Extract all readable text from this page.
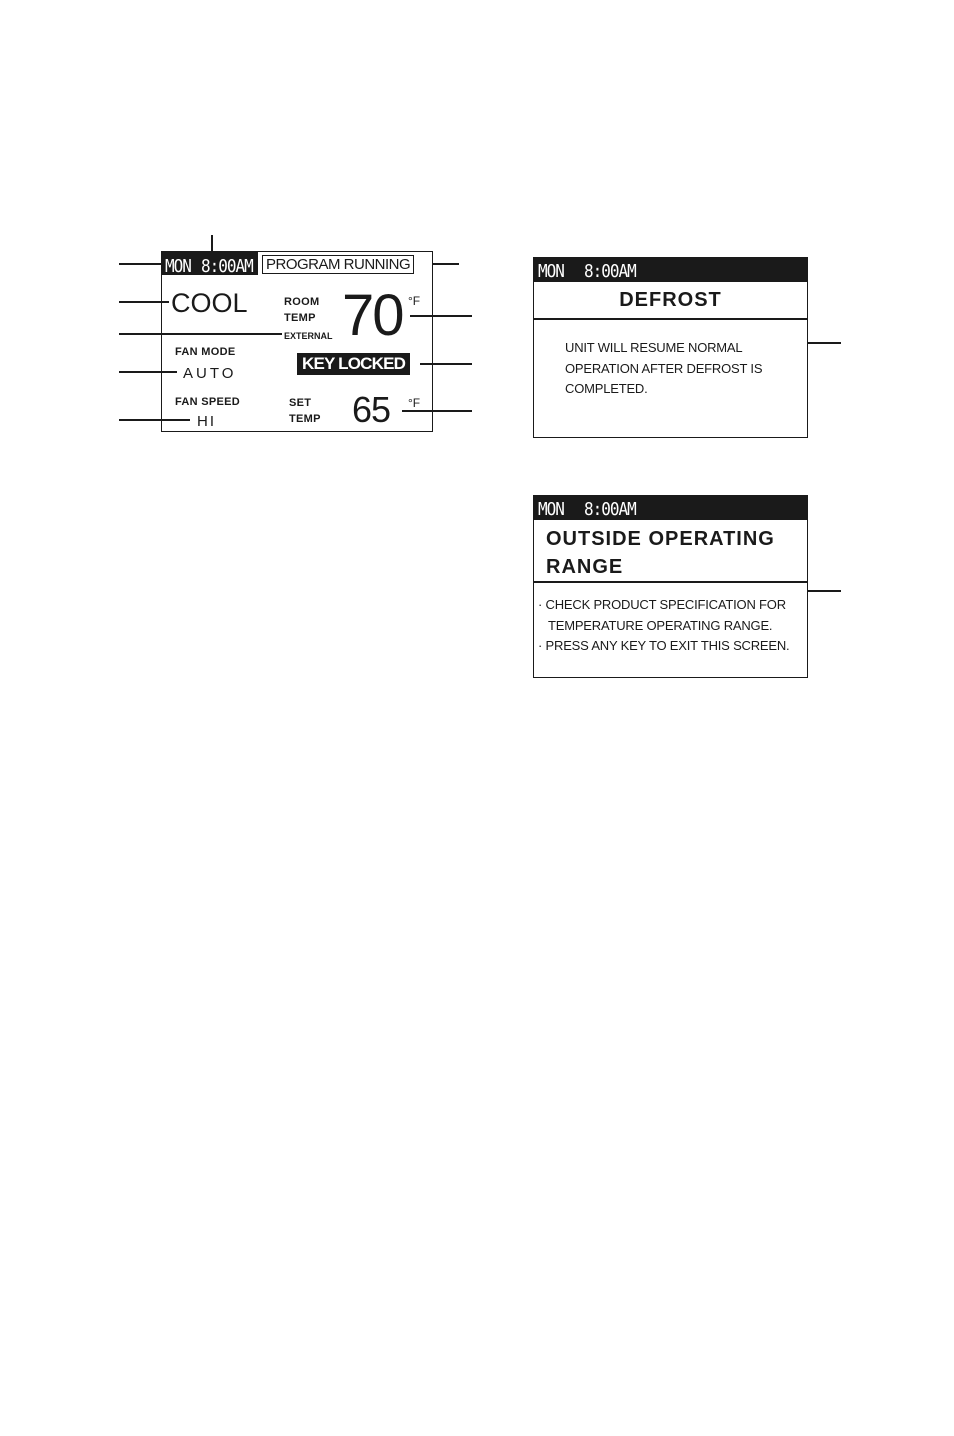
MON 8:00AM PROGRAM RUNNING
COOL	ROOM
TEMP
EXTERNAL 70 °F
FAN MODE
AUTO
KEY LOCKED
FAN SPEED
HI
SET
TEMP 65 °F
MON 8:00AM
DEFROST
UNIT WILL RESUME NORMAL
OPERATION AFTER DEFROST IS
COMPLETED.
MON 8:00AM
OUTSIDE OPERATING
RANGE
· CHECK PRODUCT SPECIFICATION FOR
TEMPERATURE OPERATING RANGE.
· PRESS ANY KEY TO EXIT THIS SCREEN.
